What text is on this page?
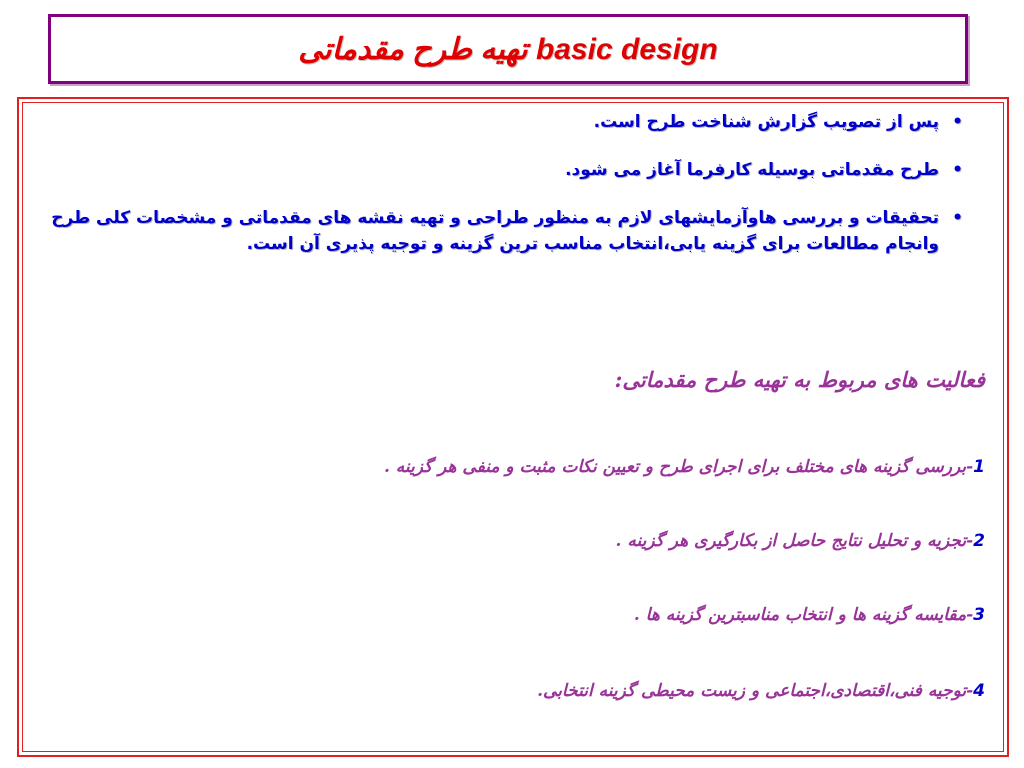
تهیه طرح مقدماتی basic design
•
پس از تصویب گزارش شناخت طرح است.
•
طرح مقدماتی بوسیله کارفرما آغاز می شود.
•
تحقیقات و بررسی هاوآزمایشهای لازم به منظور طراحی و تهیه نقشه های مقدماتی و مشخصات کلی طرح وانجام مطالعات برای گزینه یابی،انتخاب مناسب ترین گزینه و توجیه پذیری آن است.
فعالیت های مربوط به تهیه طرح مقدماتی:
1-بررسی گزینه های مختلف برای اجرای طرح و تعیین نکات مثبت و منفی هر گزینه .
2-تجزیه و تحلیل نتایج حاصل از بکارگیری هر گزینه .
3-مقایسه گزینه ها و انتخاب مناسبترین گزینه ها .
4-توجیه فنی،اقتصادی،اجتماعی و زیست محیطی گزینه انتخابی.
